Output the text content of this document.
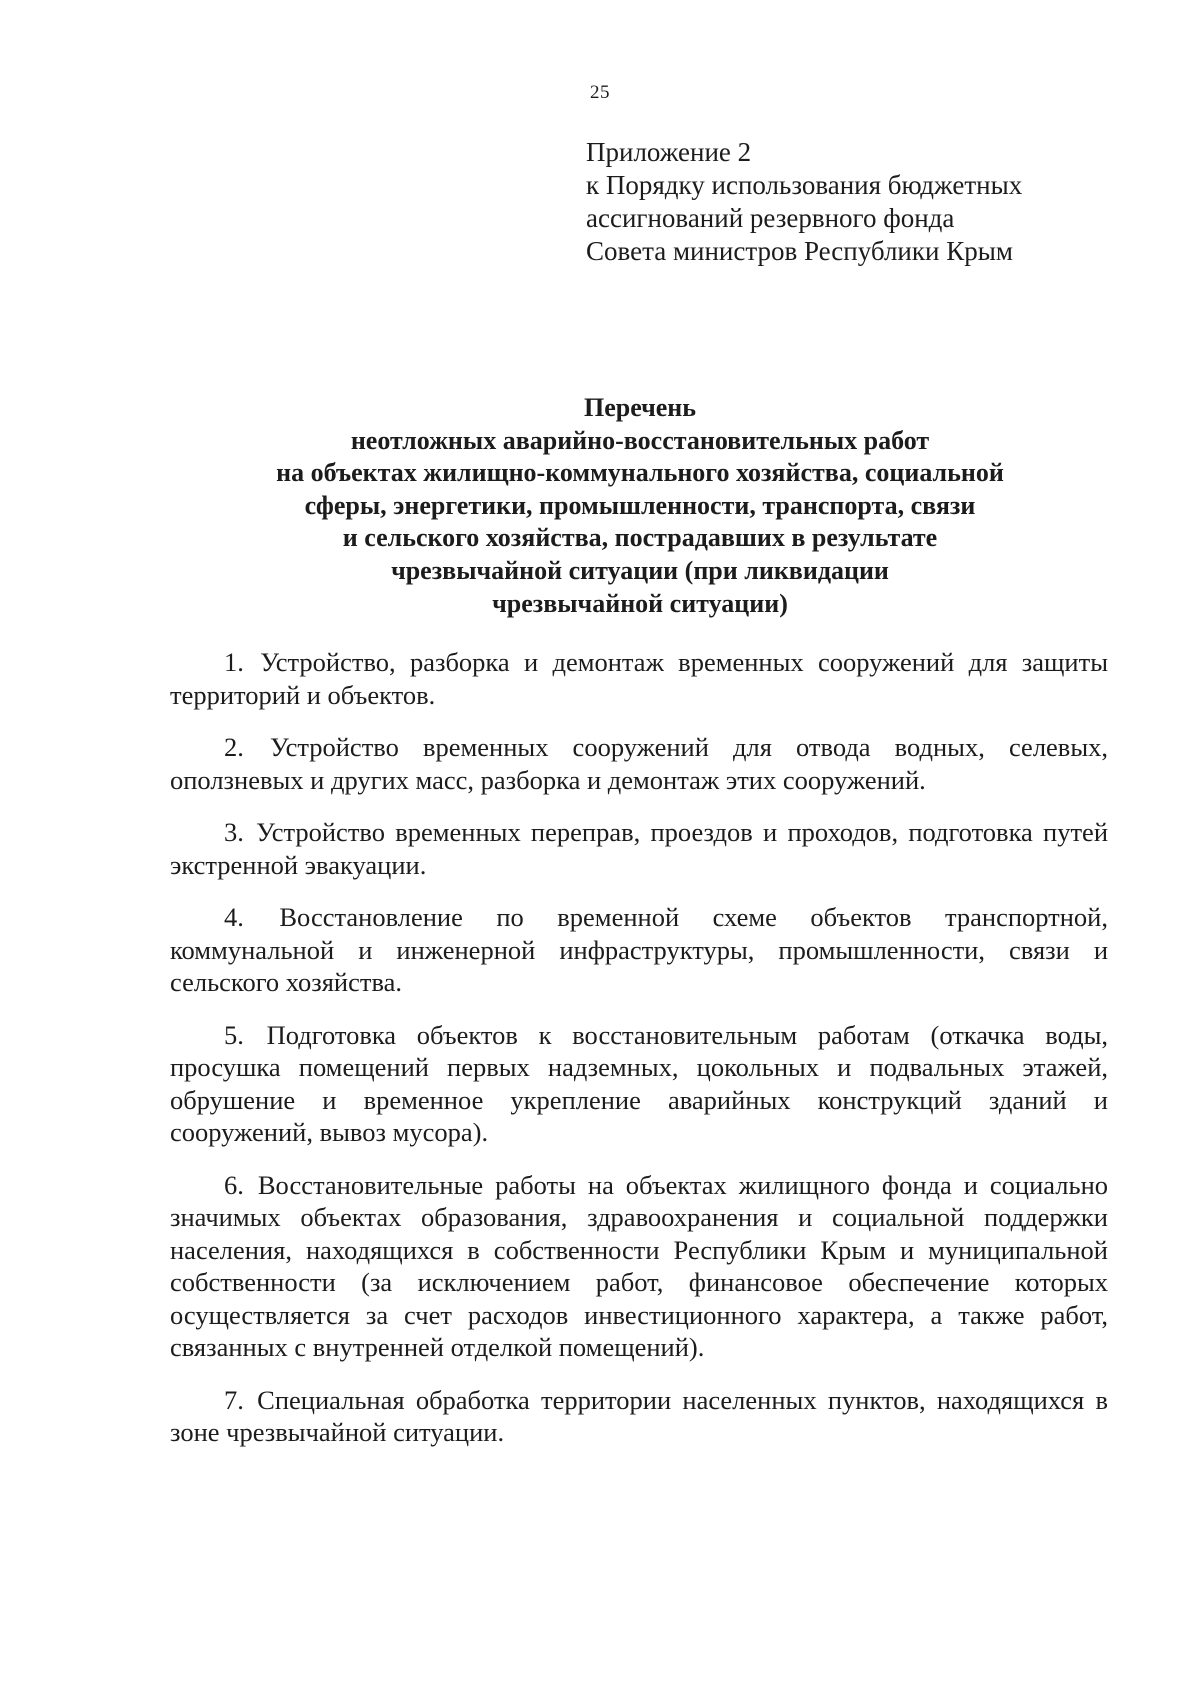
25
Приложение 2
к Порядку использования бюджетных
ассигнований резервного фонда
Совета министров Республики Крым
Перечень
неотложных аварийно-восстановительных работ
на объектах жилищно-коммунального хозяйства, социальной
сферы, энергетики, промышленности, транспорта, связи
и сельского хозяйства, пострадавших в результате
чрезвычайной ситуации (при ликвидации
чрезвычайной ситуации)

1. Устройство, разборка и демонтаж временных сооружений для защиты территорий и объектов.

2. Устройство временных сооружений для отвода водных, селевых, оползневых и других масс, разборка и демонтаж этих сооружений.

3. Устройство временных переправ, проездов и проходов, подготовка путей экстренной эвакуации.

4. Восстановление по временной схеме объектов транспортной, коммунальной и инженерной инфраструктуры, промышленности, связи и сельского хозяйства.

5. Подготовка объектов к восстановительным работам (откачка воды, просушка помещений первых надземных, цокольных и подвальных этажей, обрушение и временное укрепление аварийных конструкций зданий и сооружений, вывоз мусора).

6. Восстановительные работы на объектах жилищного фонда и социально значимых объектах образования, здравоохранения и социальной поддержки населения, находящихся в собственности Республики Крым и муниципальной собственности (за исключением работ, финансовое обеспечение которых осуществляется за счет расходов инвестиционного характера, а также работ, связанных с внутренней отделкой помещений).

7. Специальная обработка территории населенных пунктов, находящихся в зоне чрезвычайной ситуации.
